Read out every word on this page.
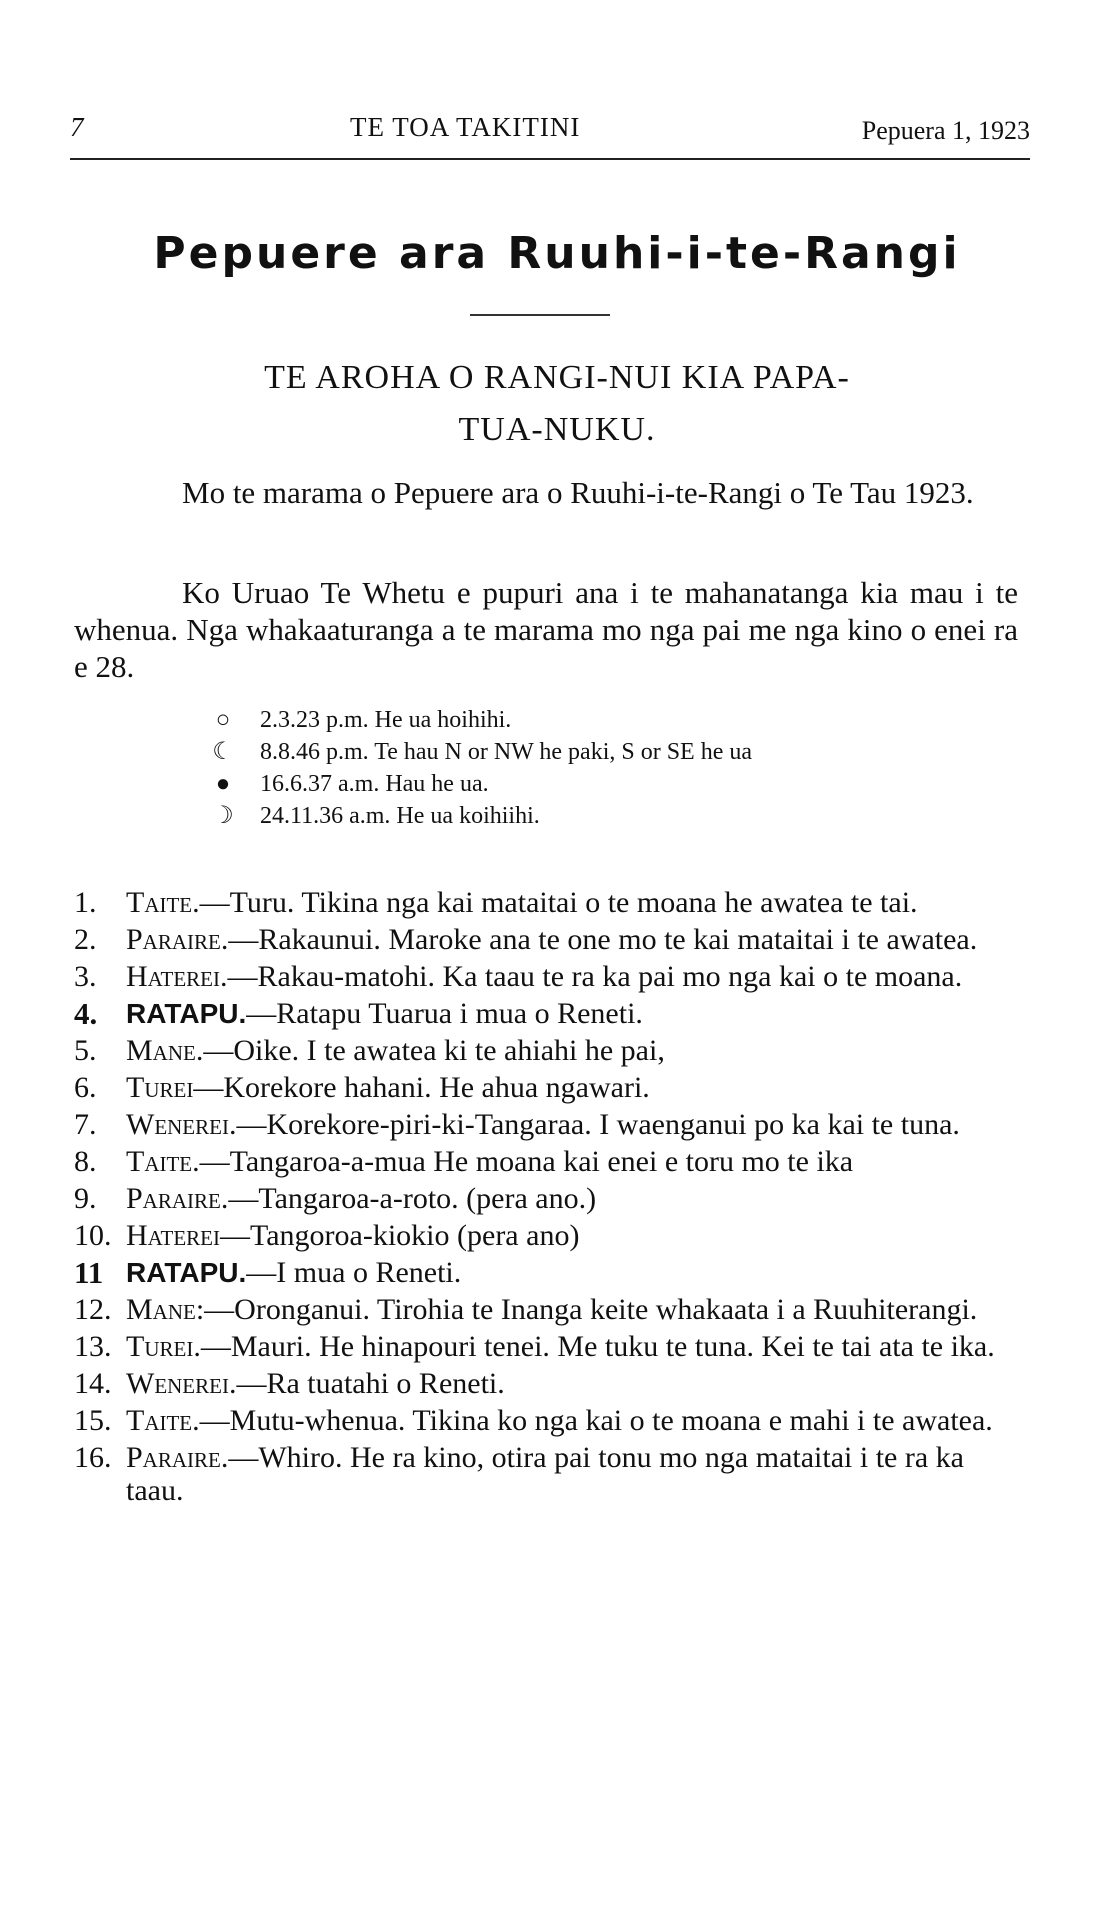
7	TE TOA TAKITINI	Pepuera 1, 1923
Pepuere ara Ruuhi-i-te-Rangi
TE AROHA O RANGI-NUI KIA PAPA-
TUA-NUKU.

Mo te marama o Pepuere ara o Ruuhi-i-te-Rangi o Te Tau 1923.

Ko Uruao Te Whetu e pupuri ana i te mahanatanga kia mau i te whenua. Nga whakaaturanga a te marama mo nga pai me nga kino o enei ra e 28.

○ 2.3.23 p.m. He ua hoihihi.
☾ 8.8.46 p.m. Te hau N or NW he paki, S or SE he ua
● 16.6.37 a.m. Hau he ua.
☽ 24.11.36 a.m. He ua koihiihi.
1. Taite.—Turu. Tikina nga kai mataitai o te moana he awatea te tai.
2. Paraire.—Rakaunui. Maroke ana te one mo te kai mataitai i te awatea.
3. Haterei.—Rakau-matohi. Ka taau te ra ka pai mo nga kai o te moana.
4.	RATAPU.—Ratapu Tuarua i mua o Reneti.
5. Mane.—Oike. I te awatea ki te ahiahi he pai,
6. Turei—Korekore hahani. He ahua ngawari.
7. Wenerei.—Korekore-piri-ki-Tangaraa. I waenganui po ka kai te tuna.
8. Taite.—Tangaroa-a-mua He moana kai enei e toru mo te ika
9. Paraire.—Tangaroa-a-roto. (pera ano.)
10. Haterei—Tangoroa-kiokio (pera ano)
11 RATAPU.—I mua o Reneti.
12. Mane:—Oronganui. Tirohia te Inanga keite whakaata i a Ruuhiterangi.
13. Turei.—Mauri. He hinapouri tenei. Me tuku te tuna. Kei te tai ata te ika.
14. Wenerei.—Ra tuatahi o Reneti.
15. Taite.—Mutu-whenua. Tikina ko nga kai o te moana e mahi i te awatea.
16. Paraire.—Whiro. He ra kino, otira pai tonu mo nga mataitai i te ra ka taau.
